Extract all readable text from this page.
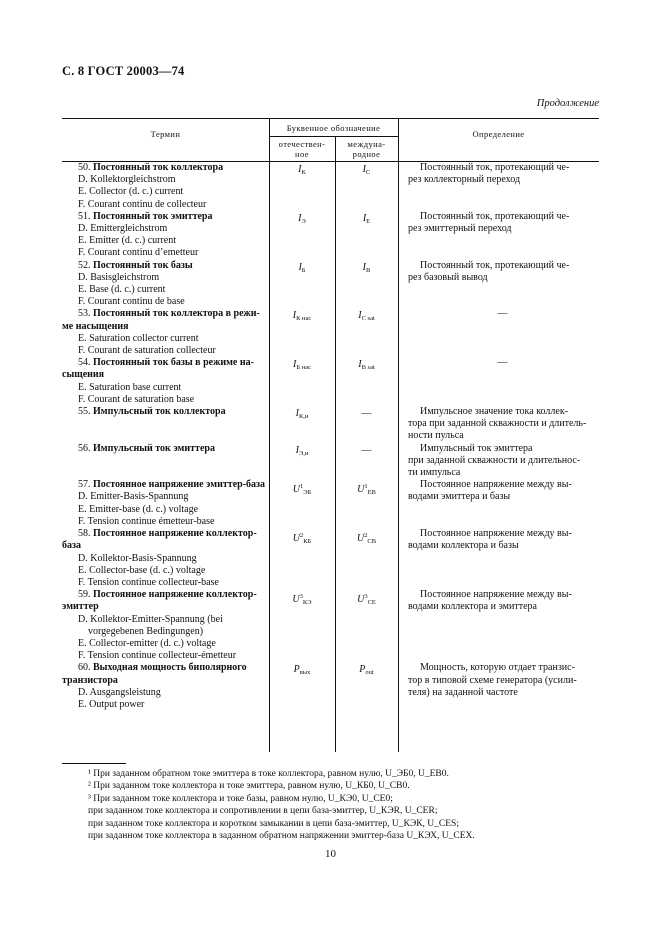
С. 8 ГОСТ 20003—74
Продолжение
Термин
Буквенное обозначение
отечествен-
ное
междуна-
родное
Определение
50. Постоянный ток коллектора
D. Kollektorgleichstrom
E. Collector (d. c.) current
F. Courant continu de collecteur
$I_К$	$I_C$	Постоянный ток, протекающий че-
рез коллекторный переход
51. Постоянный ток эмиттера
D. Emittergleichstrom
E. Emitter (d. c.) current
F. Courant continu d’emetteur
$I_Э$	$I_E$	Постоянный ток, протекающий че-
рез эмиттерный переход
52. Постоянный ток базы
D. Basisgleichstrom
E. Base (d. c.) current
F. Courant continu de base
$I_Б$	$I_B$	Постоянный ток, протекающий че-
рез базовый вывод
53. Постоянный ток коллектора в режи-
ме насыщения
E. Saturation collector current
F. Courant de saturation collecteur
$I_{К нас}$	$I_{C sat}$	—
54. Постоянный ток базы в режиме на-
сыщения
E. Saturation base current
F. Courant de saturation base
$I_{Б нас}$	$I_{B sat}$	—
55. Импульсный ток коллектора	$I_{К,и}$	—	Импульсное значение тока коллек-
тора при заданной скважности и длитель-
ности пульса
56. Импульсный ток эмиттера	$I_{Э,и}$	—	Импульсный ток эмиттера
при заданной скважности и длительнос-
ти импульса
57. Постоянное напряжение эмиттер-база
D. Emitter-Basis-Spannung
E. Emitter-base (d. c.) voltage
F. Tension continue émetteur-base
$U^1_{ЭБ}$	$U^1_{EB}$
Постоянное напряжение между вы-
водами эмиттера и базы
58. Постоянное напряжение коллектор-
база
D. Kollektor-Basis-Spannung
E. Collector-base (d. c.) voltage
F. Tension continue collecteur-base
$U^2_{КБ}$	$U^2_{CB}$
Постоянное напряжение между вы-
водами коллектора и базы
59. Постоянное напряжение коллектор-
эмиттер
D. Kollektor-Emitter-Spannung (bei
vorgegebenen Bedingungen)
E. Collector-emitter (d. c.) voltage
F. Tension continue collecteur-émetteur
$U^3_{КЭ}$	$U^3_{CE}$
Постоянное напряжение между вы-
водами коллектора и эмиттера
60. Выходная мощность биполярного
транзистора
D. Ausgangsleistung
E. Output power
$P_{вых}$	$P_{out}$	Мощность, которую отдает транзис-
тор в типовой схеме генератора (усили-
теля) на заданной частоте
¹ При заданном обратном токе эмиттера в токе коллектора, равном нулю, U_ЭБ0, U_EB0.
² При заданном токе коллектора и токе эмиттера, равном нулю, U_КБ0, U_CB0.
³ При заданном токе коллектора и токе базы, равном нулю, U_КЭ0, U_CE0;
при заданном токе коллектора и сопротивлении в цепи база-эмиттер, U_КЭR, U_CER;
при заданном токе коллектора и коротком замыкании в цепи база-эмиттер, U_КЭК, U_CES;
при заданном токе коллектора в заданном обратном напряжении эмиттер-база U_КЭХ, U_CEX.
10
